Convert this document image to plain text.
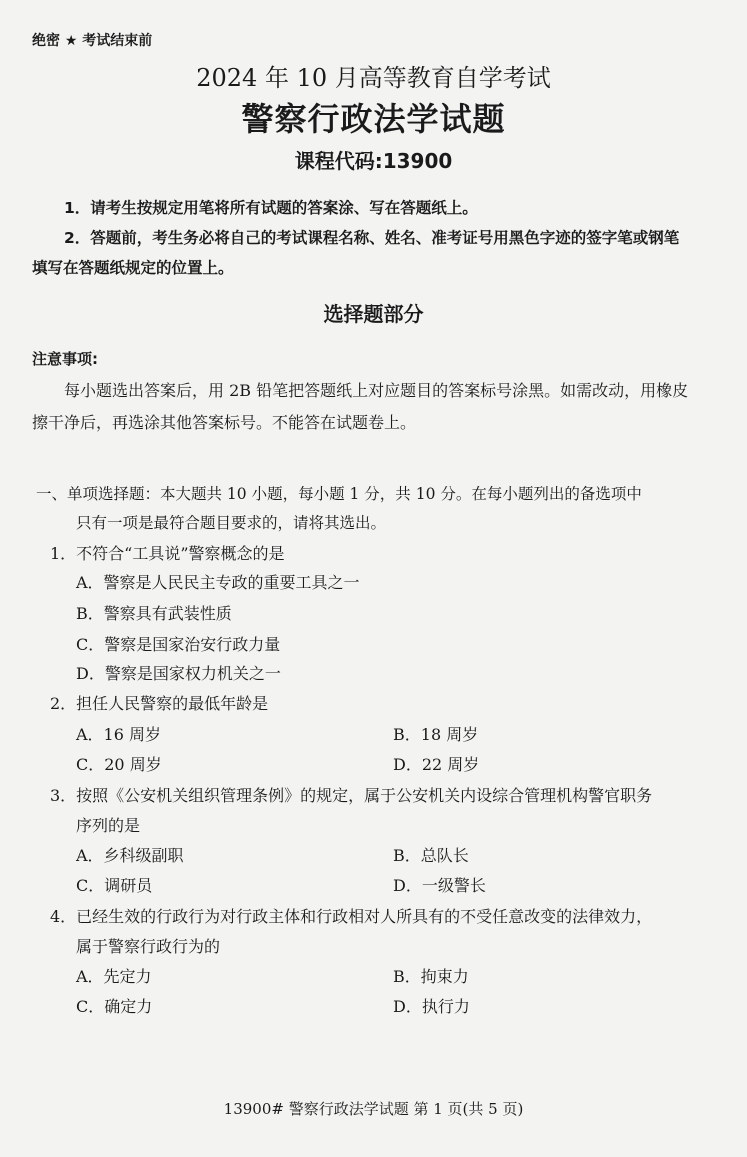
绝密 ★ 考试结束前
2024 年 10 月高等教育自学考试
警察行政法学试题
课程代码:13900
1．请考生按规定用笔将所有试题的答案涂、写在答题纸上。
2．答题前，考生务必将自己的考试课程名称、姓名、准考证号用黑色字迹的签字笔或钢笔
填写在答题纸规定的位置上。
选择题部分
注意事项:
每小题选出答案后，用 2B 铅笔把答题纸上对应题目的答案标号涂黑。如需改动，用橡皮
擦干净后，再选涂其他答案标号。不能答在试题卷上。
一、单项选择题：本大题共 10 小题，每小题 1 分，共 10 分。在每小题列出的备选项中
只有一项是最符合题目要求的，请将其选出。
1．不符合“工具说”警察概念的是
A．警察是人民民主专政的重要工具之一
B．警察具有武装性质
C．警察是国家治安行政力量
D．警察是国家权力机关之一
2．担任人民警察的最低年龄是
A．16 周岁	B．18 周岁
C．20 周岁	D．22 周岁
3．按照《公安机关组织管理条例》的规定，属于公安机关内设综合管理机构警官职务
序列的是
A．乡科级副职	B．总队长
C．调研员	D．一级警长
4．已经生效的行政行为对行政主体和行政相对人所具有的不受任意改变的法律效力，
属于警察行政行为的
A．先定力	B．拘束力
C．确定力	D．执行力
13900# 警察行政法学试题 第 1 页(共 5 页)
